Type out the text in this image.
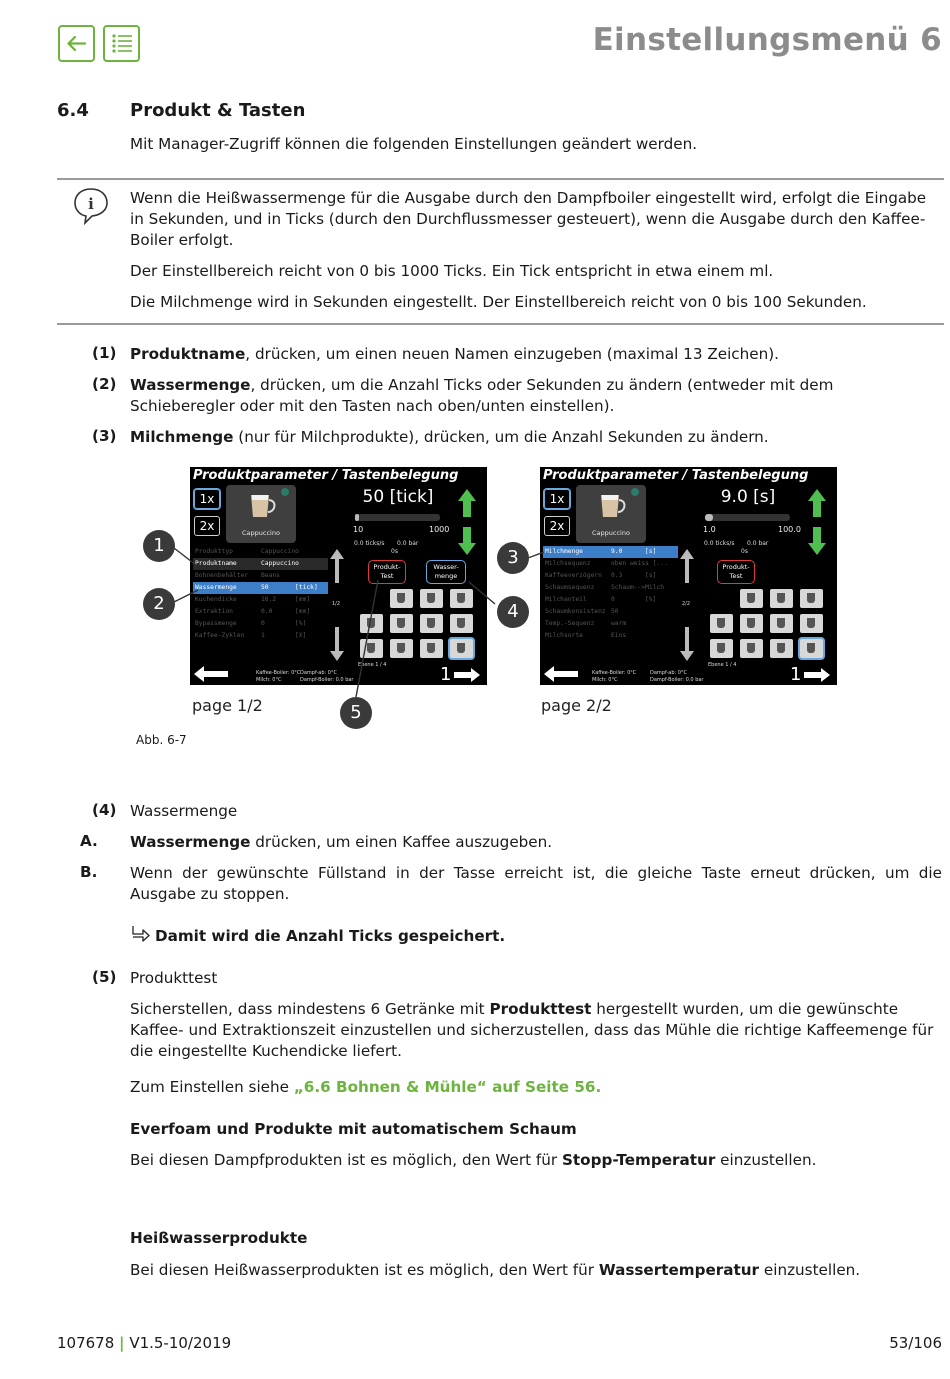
Einstellungsmenü 6
6.4 Produkt & Tasten

Mit Manager-Zugriff können die folgenden Einstellungen geändert werden.

i Wenn die Heißwassermenge für die Ausgabe durch den Dampfboiler eingestellt wird, erfolgt die Eingabe in Sekunden, und in Ticks (durch den Durchflussmesser gesteuert), wenn die Ausgabe durch den Kaffee-Boiler erfolgt.

Der Einstellbereich reicht von 0 bis 1000 Ticks. Ein Tick entspricht in etwa einem ml.

Die Milchmenge wird in Sekunden eingestellt. Der Einstellbereich reicht von 0 bis 100 Sekunden.

(1) Produktname, drücken, um einen neuen Namen einzugeben (maximal 13 Zeichen).

(2) Wassermenge, drücken, um die Anzahl Ticks oder Sekunden zu ändern (entweder mit dem Schieberegler oder mit den Tasten nach oben/unten einstellen).

(3) Milchmenge (nur für Milchprodukte), drücken, um die Anzahl Sekunden zu ändern.

Produktparameter / Tastenbelegung
1x
2x	Cappuccino
50 [tick]
10	1000
0.0 ticks/s 0.0 bar
0s
Produkttyp	Cappuccino
Produktname	Cappuccino
Bohnenbehälter	Beans
Wassermenge	50	[tick]
Kuchendicke	16.2	[mm]
Extraktion	0.0	[mm]
Bypassmenge	0	[%]
Kaffee-Zyklen	1	[X]
1/2
Produkt-
Test
Wasser-
menge
Ebene 1 / 4
Kaffee-Boiler: 0°C
Milch: 0°C
Dampf-ab: 0°C
Dampf-Boiler: 0.0 bar	1
Produktparameter / Tastenbelegung
1x
2x	Cappuccino
9.0 [s]
1.0	100.0
0.0 ticks/s 0.0 bar
0s
Milchmenge	9.0	[s]
Milchsequenz	oben weiss [...
Kaffeeverzögern	0.3	[s]
Schaumsequenz	Schaum-->Milch
Milchanteil	0	[%]
Schaumkonsistenz 50
Temp.-Sequenz	warm
Milchsorte	Eins
2/2
Produkt-
Test
Ebene 1 / 4
Kaffee-Boiler: 0°C
Milch: 0°C
Dampf-ab: 0°C
Dampf-Boiler: 0.0 bar	1
1
2
3
4
5
page 1/2	page 2/2
Abb. 6-7
(4) Wassermenge

A. Wassermenge drücken, um einen Kaffee auszugeben.

B. Wenn der gewünschte Füllstand in der Tasse erreicht ist, die gleiche Taste erneut drücken, um die Ausgabe zu stoppen.

Damit wird die Anzahl Ticks gespeichert.

(5) Produkttest

Sicherstellen, dass mindestens 6 Getränke mit Produkttest hergestellt wurden, um die gewünschte Kaffee- und Extraktionszeit einzustellen und sicherzustellen, dass das Mühle die richtige Kaffeemenge für die eingestellte Kuchendicke liefert.

Zum Einstellen siehe „6.6 Bohnen & Mühle“ auf Seite 56.

Everfoam und Produkte mit automatischem Schaum

Bei diesen Dampfprodukten ist es möglich, den Wert für Stopp-Temperatur einzustellen.

Heißwasserprodukte

Bei diesen Heißwasserprodukten ist es möglich, den Wert für Wassertemperatur einzustellen.

107678 | V1.5-10/2019	53/106
